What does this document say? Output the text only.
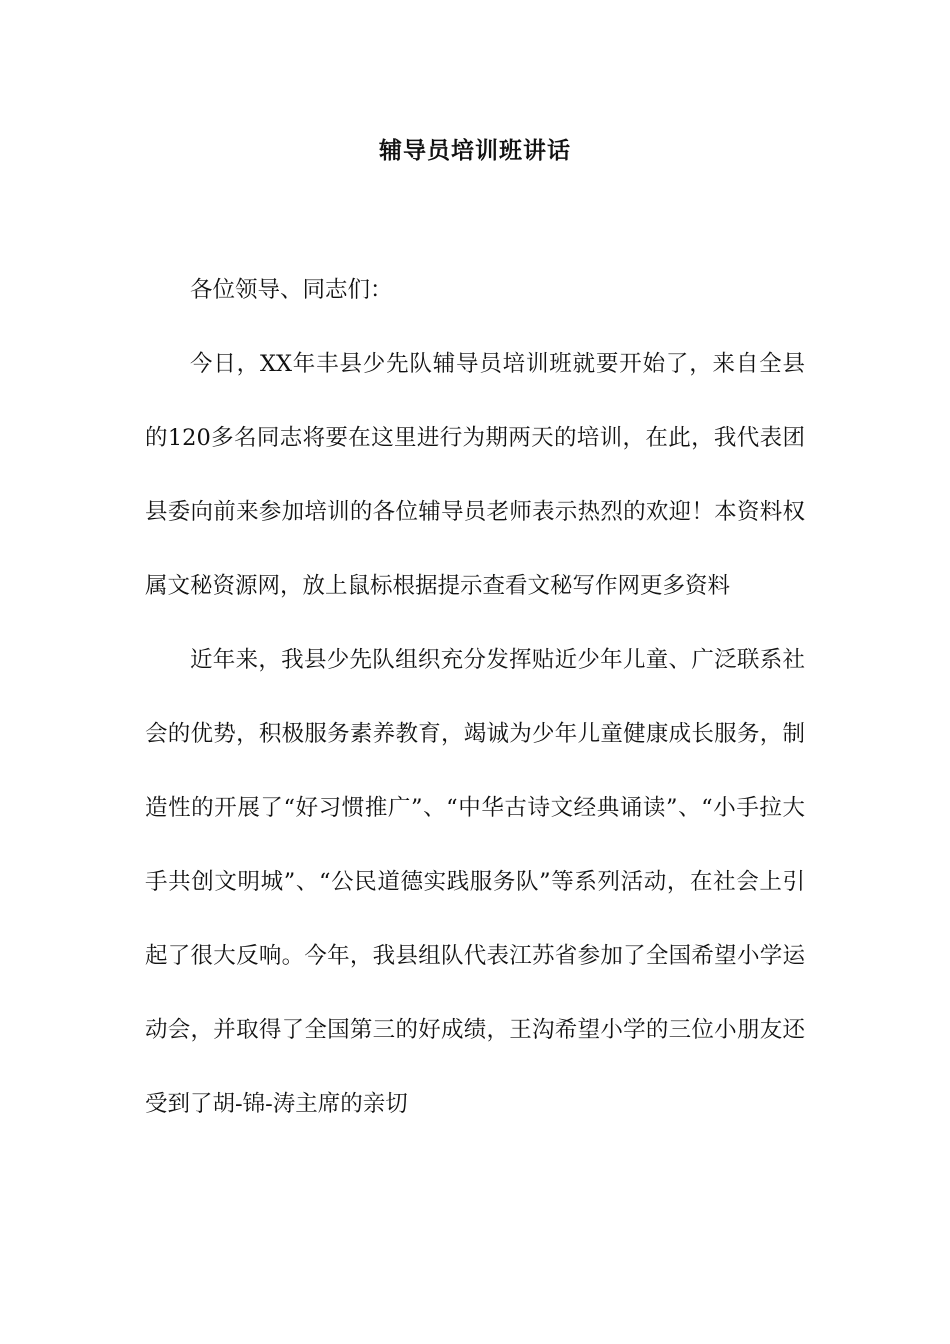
辅导员培训班讲话

各位领导、同志们：

今日，XX年丰县少先队辅导员培训班就要开始了，来自全县的120多名同志将要在这里进行为期两天的培训，在此，我代表团县委向前来参加培训的各位辅导员老师表示热烈的欢迎！本资料权属文秘资源网，放上鼠标根据提示查看文秘写作网更多资料

近年来，我县少先队组织充分发挥贴近少年儿童、广泛联系社会的优势，积极服务素养教育，竭诚为少年儿童健康成长服务，制造性的开展了“好习惯推广”、“中华古诗文经典诵读”、“小手拉大手共创文明城”、“公民道德实践服务队”等系列活动，在社会上引起了很大反响。今年，我县组队代表江苏省参加了全国希望小学运动会，并取得了全国第三的好成绩，王沟希望小学的三位小朋友还受到了胡-锦-涛主席的亲切
